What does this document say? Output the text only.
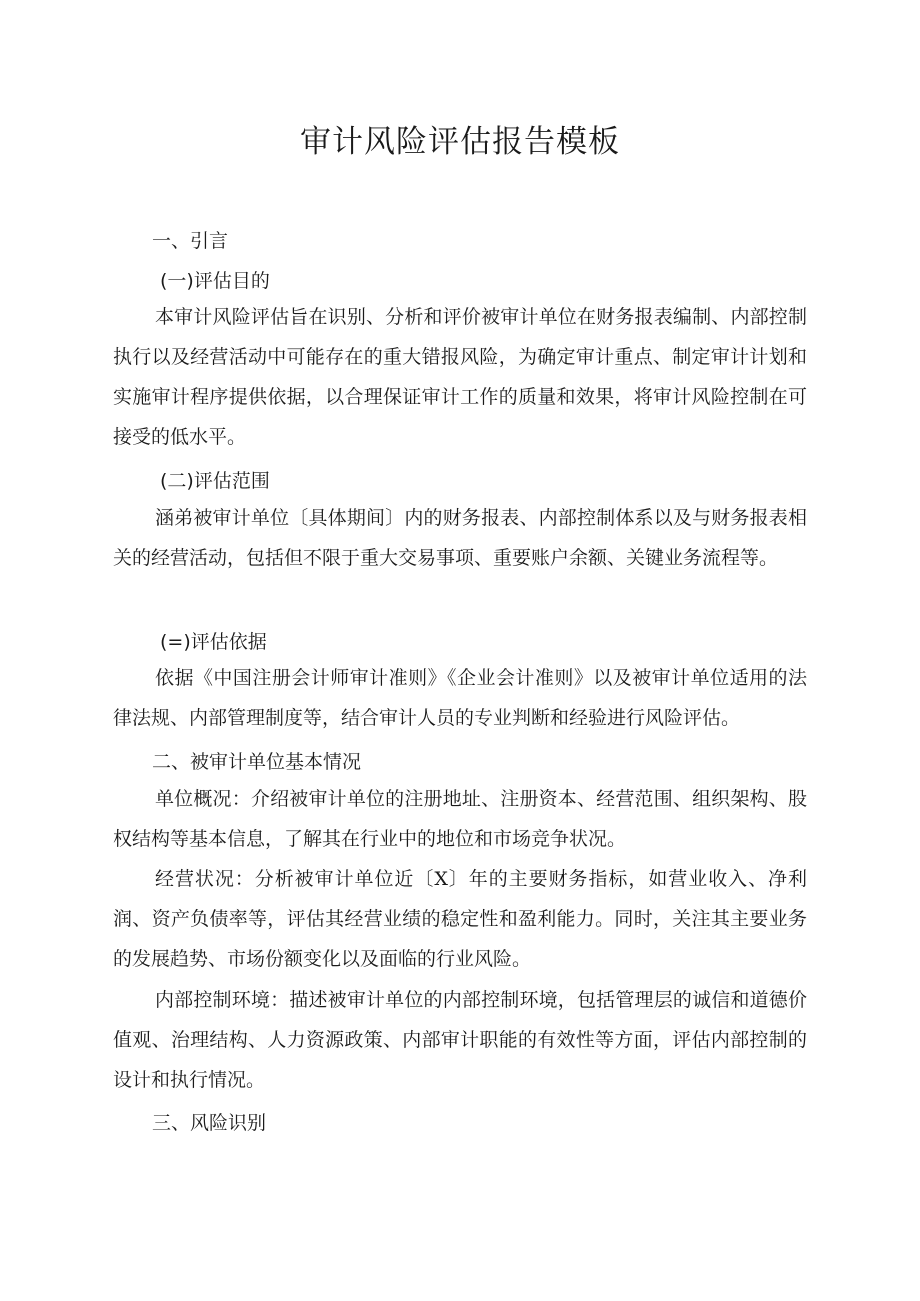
审计风险评估报告模板
一、引言
(一)评估目的
本审计风险评估旨在识别、分析和评价被审计单位在财务报表编制、内部控制执行以及经营活动中可能存在的重大错报风险，为确定审计重点、制定审计计划和实施审计程序提供依据，以合理保证审计工作的质量和效果，将审计风险控制在可接受的低水平。
(二)评估范围
涵弟被审计单位〔具体期间〕内的财务报表、内部控制体系以及与财务报表相关的经营活动，包括但不限于重大交易事项、重要账户余额、关键业务流程等。
(=)评估依据
依据《中国注册会计师审计准则》《企业会计准则》以及被审计单位适用的法律法规、内部管理制度等，结合审计人员的专业判断和经验进行风险评估。
二、被审计单位基本情况
单位概况：介绍被审计单位的注册地址、注册资本、经营范围、组织架构、股权结构等基本信息，了解其在行业中的地位和市场竞争状况。
经营状况：分析被审计单位近〔X〕年的主要财务指标，如营业收入、净利润、资产负债率等，评估其经营业绩的稳定性和盈利能力。同时，关注其主要业务的发展趋势、市场份额变化以及面临的行业风险。
内部控制环境：描述被审计单位的内部控制环境，包括管理层的诚信和道德价值观、治理结构、人力资源政策、内部审计职能的有效性等方面，评估内部控制的设计和执行情况。
三、风险识别
